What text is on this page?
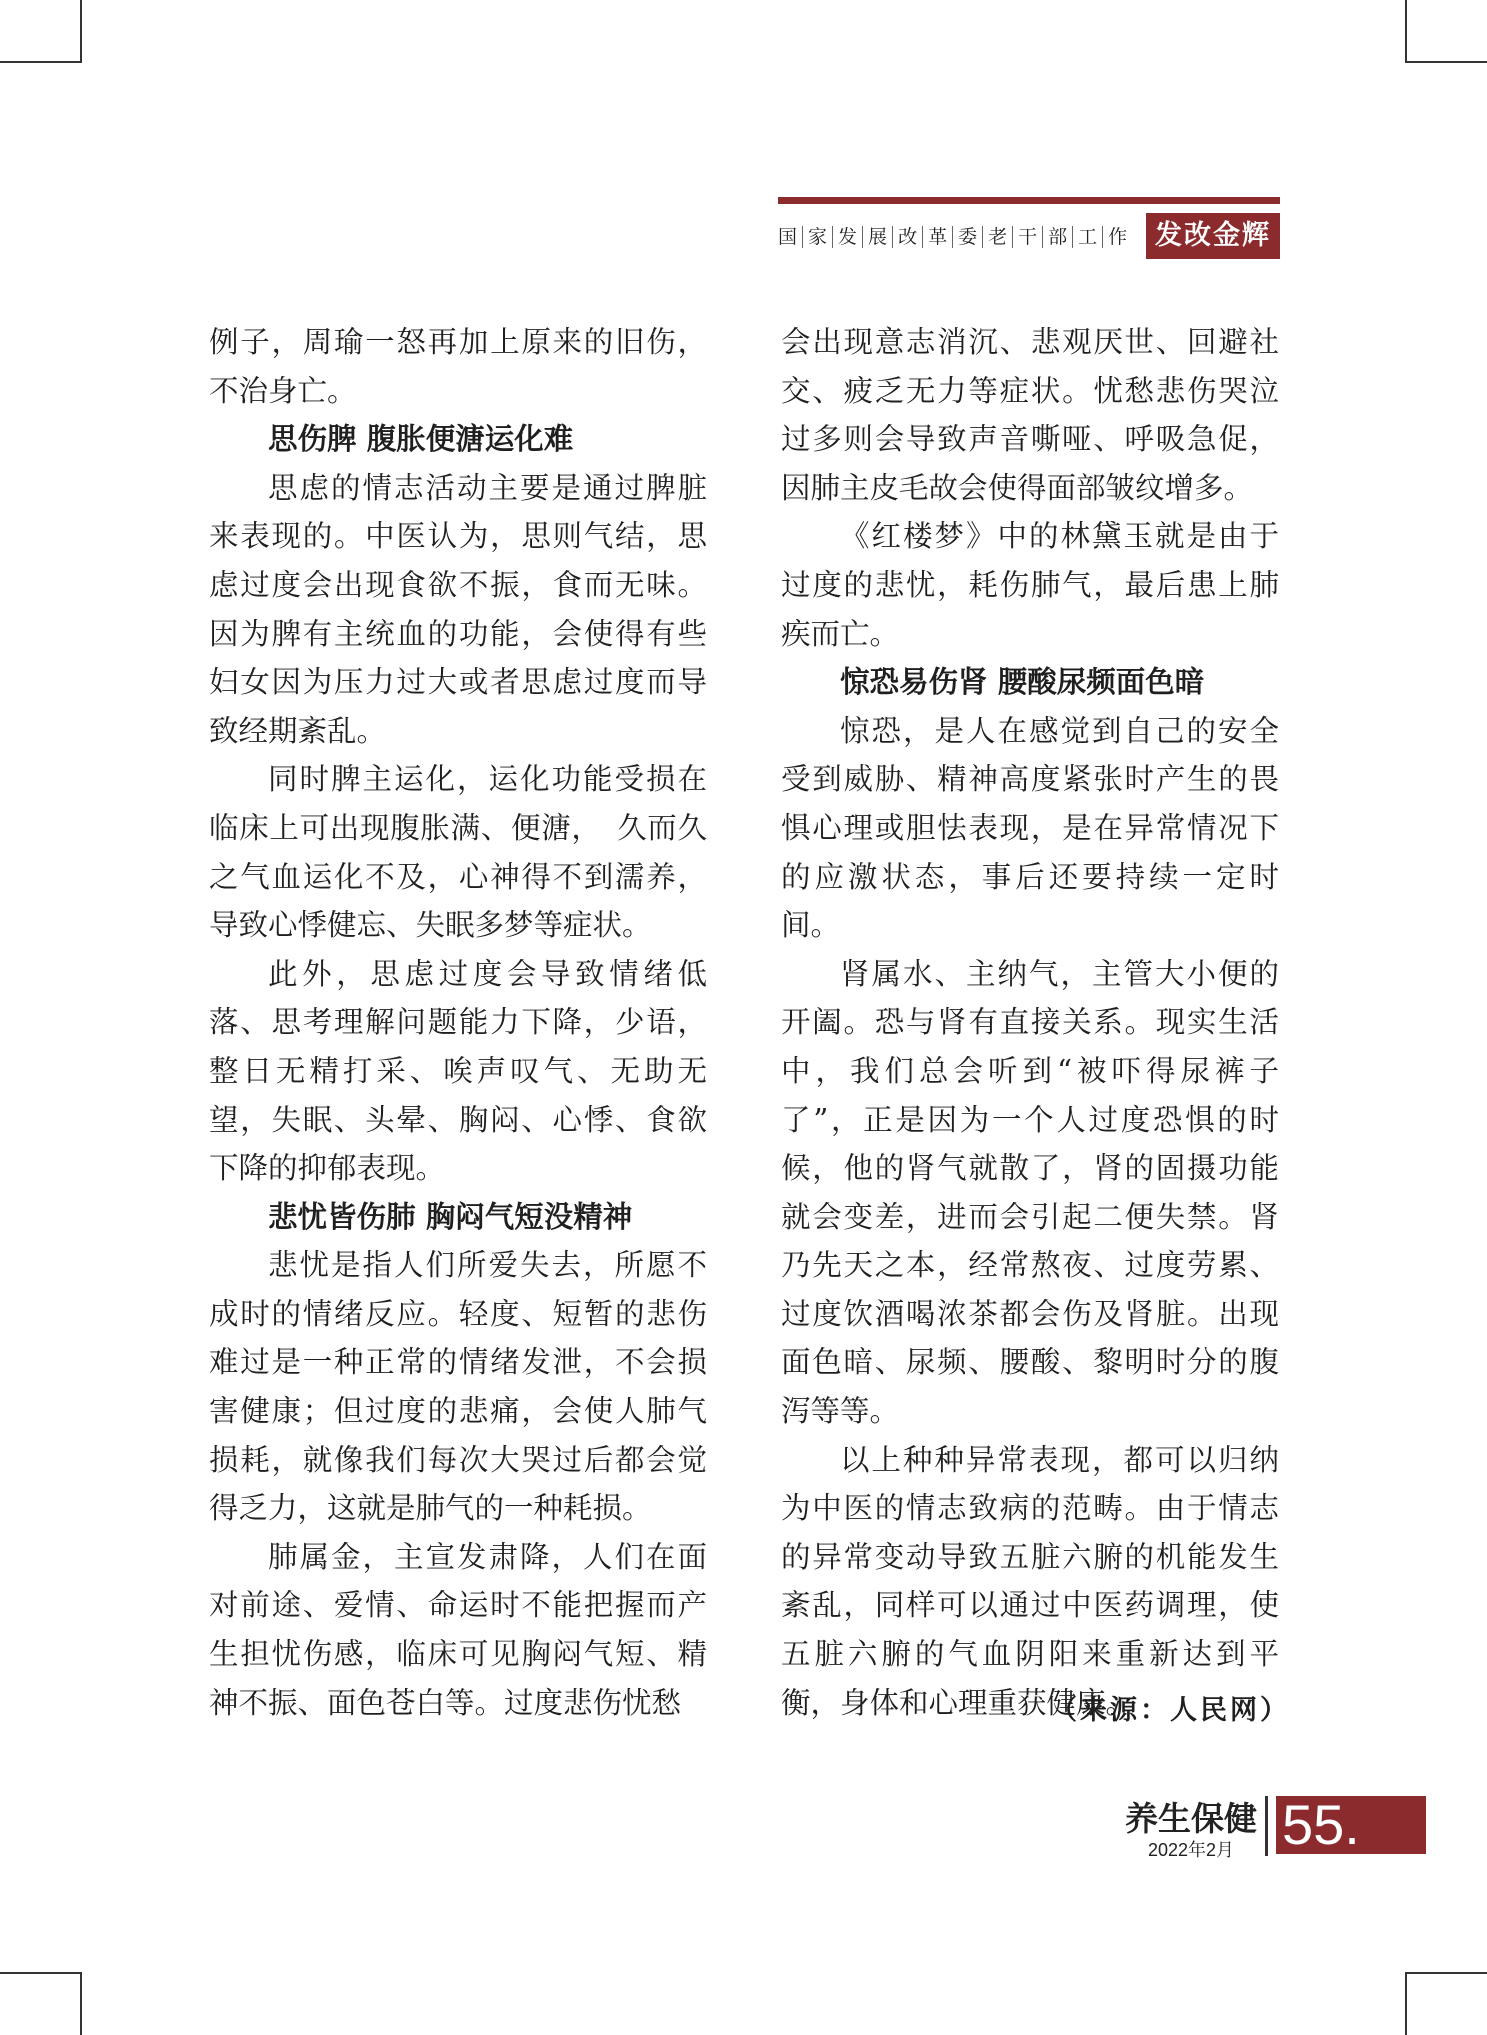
国 家 发 展 改 革 委 老 干 部 工 作	发改金辉

例子，周瑜一怒再加上原来的旧伤，不治身亡。

思伤脾 腹胀便溏运化难

思虑的情志活动主要是通过脾脏来表现的。中医认为，思则气结，思虑过度会出现食欲不振，食而无味。因为脾有主统血的功能，会使得有些妇女因为压力过大或者思虑过度而导致经期紊乱。

同时脾主运化，运化功能受损在临床上可出现腹胀满、便溏，　久而久之气血运化不及，心神得不到濡养，导致心悸健忘、失眠多梦等症状。

此外，思虑过度会导致情绪低落、思考理解问题能力下降，少语，整日无精打采、唉声叹气、无助无望，失眠、头晕、胸闷、心悸、食欲下降的抑郁表现。

悲忧皆伤肺 胸闷气短没精神

悲忧是指人们所爱失去，所愿不成时的情绪反应。轻度、短暂的悲伤难过是一种正常的情绪发泄，不会损害健康；但过度的悲痛，会使人肺气损耗，就像我们每次大哭过后都会觉得乏力，这就是肺气的一种耗损。

肺属金，主宣发肃降，人们在面对前途、爱情、命运时不能把握而产生担忧伤感，临床可见胸闷气短、精神不振、面色苍白等。过度悲伤忧愁

会出现意志消沉、悲观厌世、回避社交、疲乏无力等症状。忧愁悲伤哭泣过多则会导致声音嘶哑、呼吸急促，因肺主皮毛故会使得面部皱纹增多。

《红楼梦》中的林黛玉就是由于过度的悲忧，耗伤肺气，最后患上肺疾而亡。

惊恐易伤肾 腰酸尿频面色暗

惊恐，是人在感觉到自己的安全受到威胁、精神高度紧张时产生的畏惧心理或胆怯表现，是在异常情况下的应激状态，事后还要持续一定时间。

肾属水、主纳气，主管大小便的开阖。恐与肾有直接关系。现实生活中，我们总会听到“被吓得尿裤子了”，正是因为一个人过度恐惧的时候，他的肾气就散了，肾的固摄功能就会变差，进而会引起二便失禁。肾乃先天之本，经常熬夜、过度劳累、过度饮酒喝浓茶都会伤及肾脏。出现面色暗、尿频、腰酸、黎明时分的腹泻等等。

以上种种异常表现，都可以归纳为中医的情志致病的范畴。由于情志的异常变动导致五脏六腑的机能发生紊乱，同样可以通过中医药调理，使五脏六腑的气血阴阳来重新达到平衡，身体和心理重获健康。

（来源：人民网）
养生保健
2022年2月 55.
